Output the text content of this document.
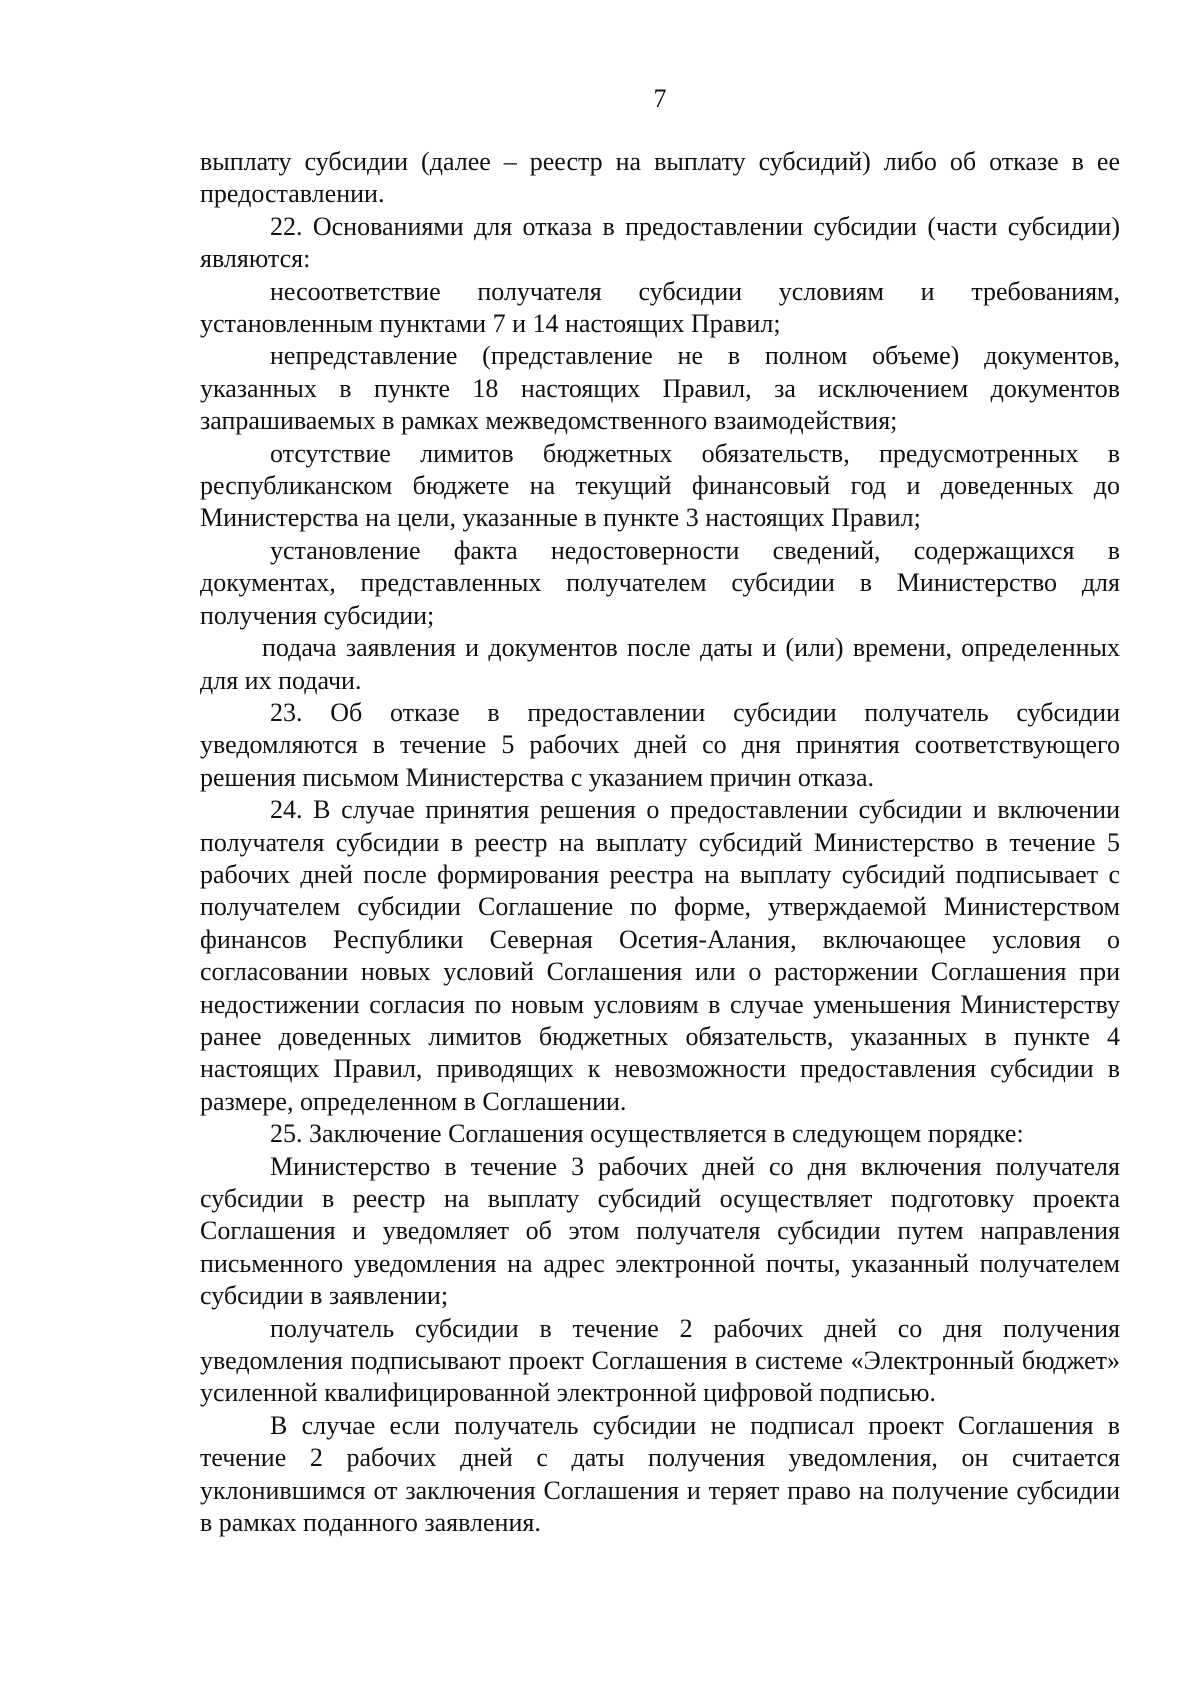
7

выплату субсидии (далее – реестр на выплату субсидий) либо об отказе в ее предоставлении.

22. Основаниями для отказа в предоставлении субсидии (части субсидии) являются:

несоответствие получателя субсидии условиям и требованиям, установленным пунктами 7 и 14 настоящих Правил;

непредставление (представление не в полном объеме) документов, указанных в пункте 18 настоящих Правил, за исключением документов запрашиваемых в рамках межведомственного взаимодействия;

отсутствие лимитов бюджетных обязательств, предусмотренных в республиканском бюджете на текущий финансовый год и доведенных до Министерства на цели, указанные в пункте 3 настоящих Правил;

установление факта недостоверности сведений, содержащихся в документах, представленных получателем субсидии в Министерство для получения субсидии;

подача заявления и документов после даты и (или) времени, определенных для их подачи.

23. Об отказе в предоставлении субсидии получатель субсидии уведомляются в течение 5 рабочих дней со дня принятия соответствующего решения письмом Министерства с указанием причин отказа.

24. В случае принятия решения о предоставлении субсидии и включении получателя субсидии в реестр на выплату субсидий Министерство в течение 5 рабочих дней после формирования реестра на выплату субсидий подписывает с получателем субсидии Соглашение по форме, утверждаемой Министерством финансов Республики Северная Осетия-Алания, включающее условия о согласовании новых условий Соглашения или о расторжении Соглашения при недостижении согласия по новым условиям в случае уменьшения Министерству ранее доведенных лимитов бюджетных обязательств, указанных в пункте 4 настоящих Правил, приводящих к невозможности предоставления субсидии в размере, определенном в Соглашении.

25. Заключение Соглашения осуществляется в следующем порядке:

Министерство в течение 3 рабочих дней со дня включения получателя субсидии в реестр на выплату субсидий осуществляет подготовку проекта Соглашения и уведомляет об этом получателя субсидии путем направления письменного уведомления на адрес электронной почты, указанный получателем субсидии в заявлении;

получатель субсидии в течение 2 рабочих дней со дня получения уведомления подписывают проект Соглашения в системе «Электронный бюджет» усиленной квалифицированной электронной цифровой подписью.

В случае если получатель субсидии не подписал проект Соглашения в течение 2 рабочих дней с даты получения уведомления, он считается уклонившимся от заключения Соглашения и теряет право на получение субсидии в рамках поданного заявления.
